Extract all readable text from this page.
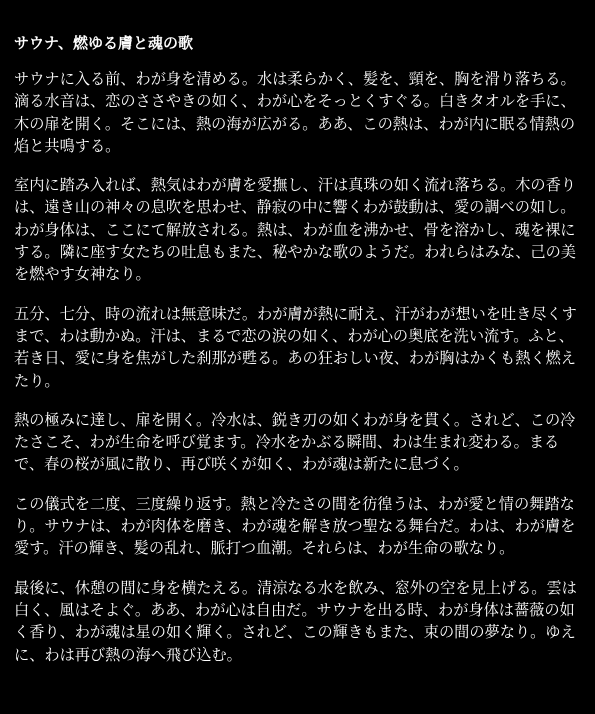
サウナ、燃ゆる膚と魂の歌

サウナに入る前、わが身を清める。水は柔らかく、髪を、頸を、胸を滑り落ちる。滴る水音は、恋のささやきの如く、わが心をそっとくすぐる。白きタオルを手に、木の扉を開く。そこには、熱の海が広がる。ああ、この熱は、わが内に眠る情熱の焰と共鳴する。

室内に踏み入れば、熱気はわが膚を愛撫し、汗は真珠の如く流れ落ちる。木の香りは、遠き山の神々の息吹を思わせ、静寂の中に響くわが鼓動は、愛の調べの如し。わが身体は、ここにて解放される。熱は、わが血を沸かせ、骨を溶かし、魂を裸にする。隣に座す女たちの吐息もまた、秘やかな歌のようだ。われらはみな、己の美を燃やす女神なり。

五分、七分、時の流れは無意味だ。わが膚が熱に耐え、汗がわが想いを吐き尽くすまで、わは動かぬ。汗は、まるで恋の涙の如く、わが心の奥底を洗い流す。ふと、若き日、愛に身を焦がした刹那が甦る。あの狂おしい夜、わが胸はかくも熱く燃えたり。

熱の極みに達し、扉を開く。冷水は、鋭き刃の如くわが身を貫く。されど、この冷たさこそ、わが生命を呼び覚ます。冷水をかぶる瞬間、わは生まれ変わる。まるで、春の桜が風に散り、再び咲くが如く、わが魂は新たに息づく。

この儀式を二度、三度繰り返す。熱と冷たさの間を彷徨うは、わが愛と情の舞踏なり。サウナは、わが肉体を磨き、わが魂を解き放つ聖なる舞台だ。わは、わが膚を愛す。汗の輝き、髪の乱れ、脈打つ血潮。それらは、わが生命の歌なり。

最後に、休憩の間に身を横たえる。清涼なる水を飲み、窓外の空を見上げる。雲は白く、風はそよぐ。ああ、わが心は自由だ。サウナを出る時、わが身体は薔薇の如く香り、わが魂は星の如く輝く。されど、この輝きもまた、束の間の夢なり。ゆえに、わは再び熱の海へ飛び込む。
